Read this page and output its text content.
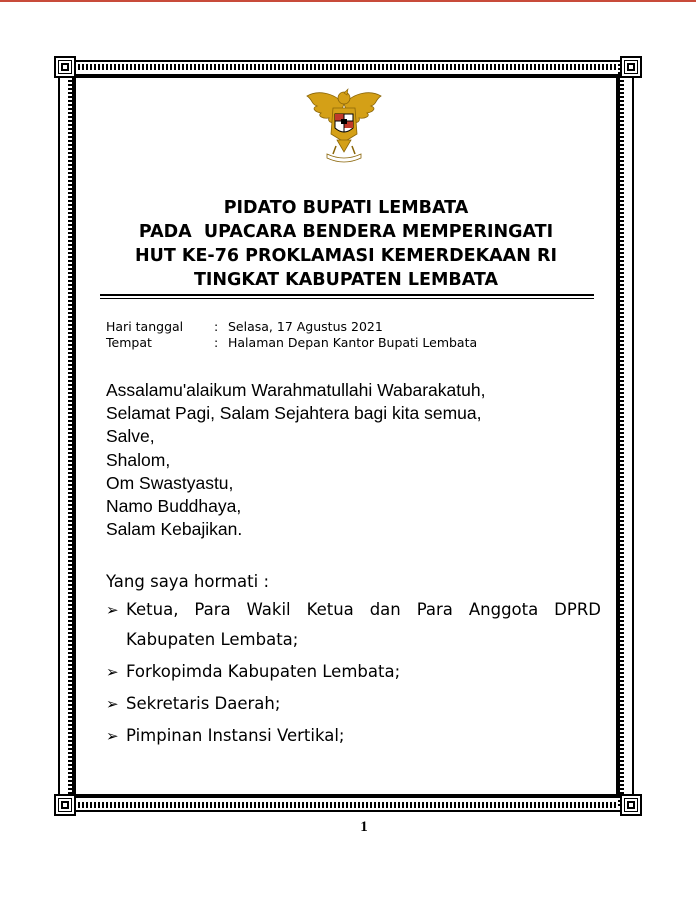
PIDATO BUPATI LEMBATA
PADA  UPACARA BENDERA MEMPERINGATI
HUT KE-76 PROKLAMASI KEMERDEKAAN RI
TINGKAT KABUPATEN LEMBATA
Hari tanggal	: Selasa, 17 Agustus 2021
Tempat	: Halaman Depan Kantor Bupati Lembata
Assalamu'alaikum Warahmatullahi Wabarakatuh,
Selamat Pagi, Salam Sejahtera bagi kita semua,
Salve,
Shalom,
Om Swastyastu,
Namo Buddhaya,
Salam Kebajikan.
Yang saya hormati :
➢ Ketua, Para Wakil Ketua dan Para Anggota DPRD Kabupaten Lembata;
➢ Forkopimda Kabupaten Lembata;
➢ Sekretaris Daerah;
➢ Pimpinan Instansi Vertikal;
1
